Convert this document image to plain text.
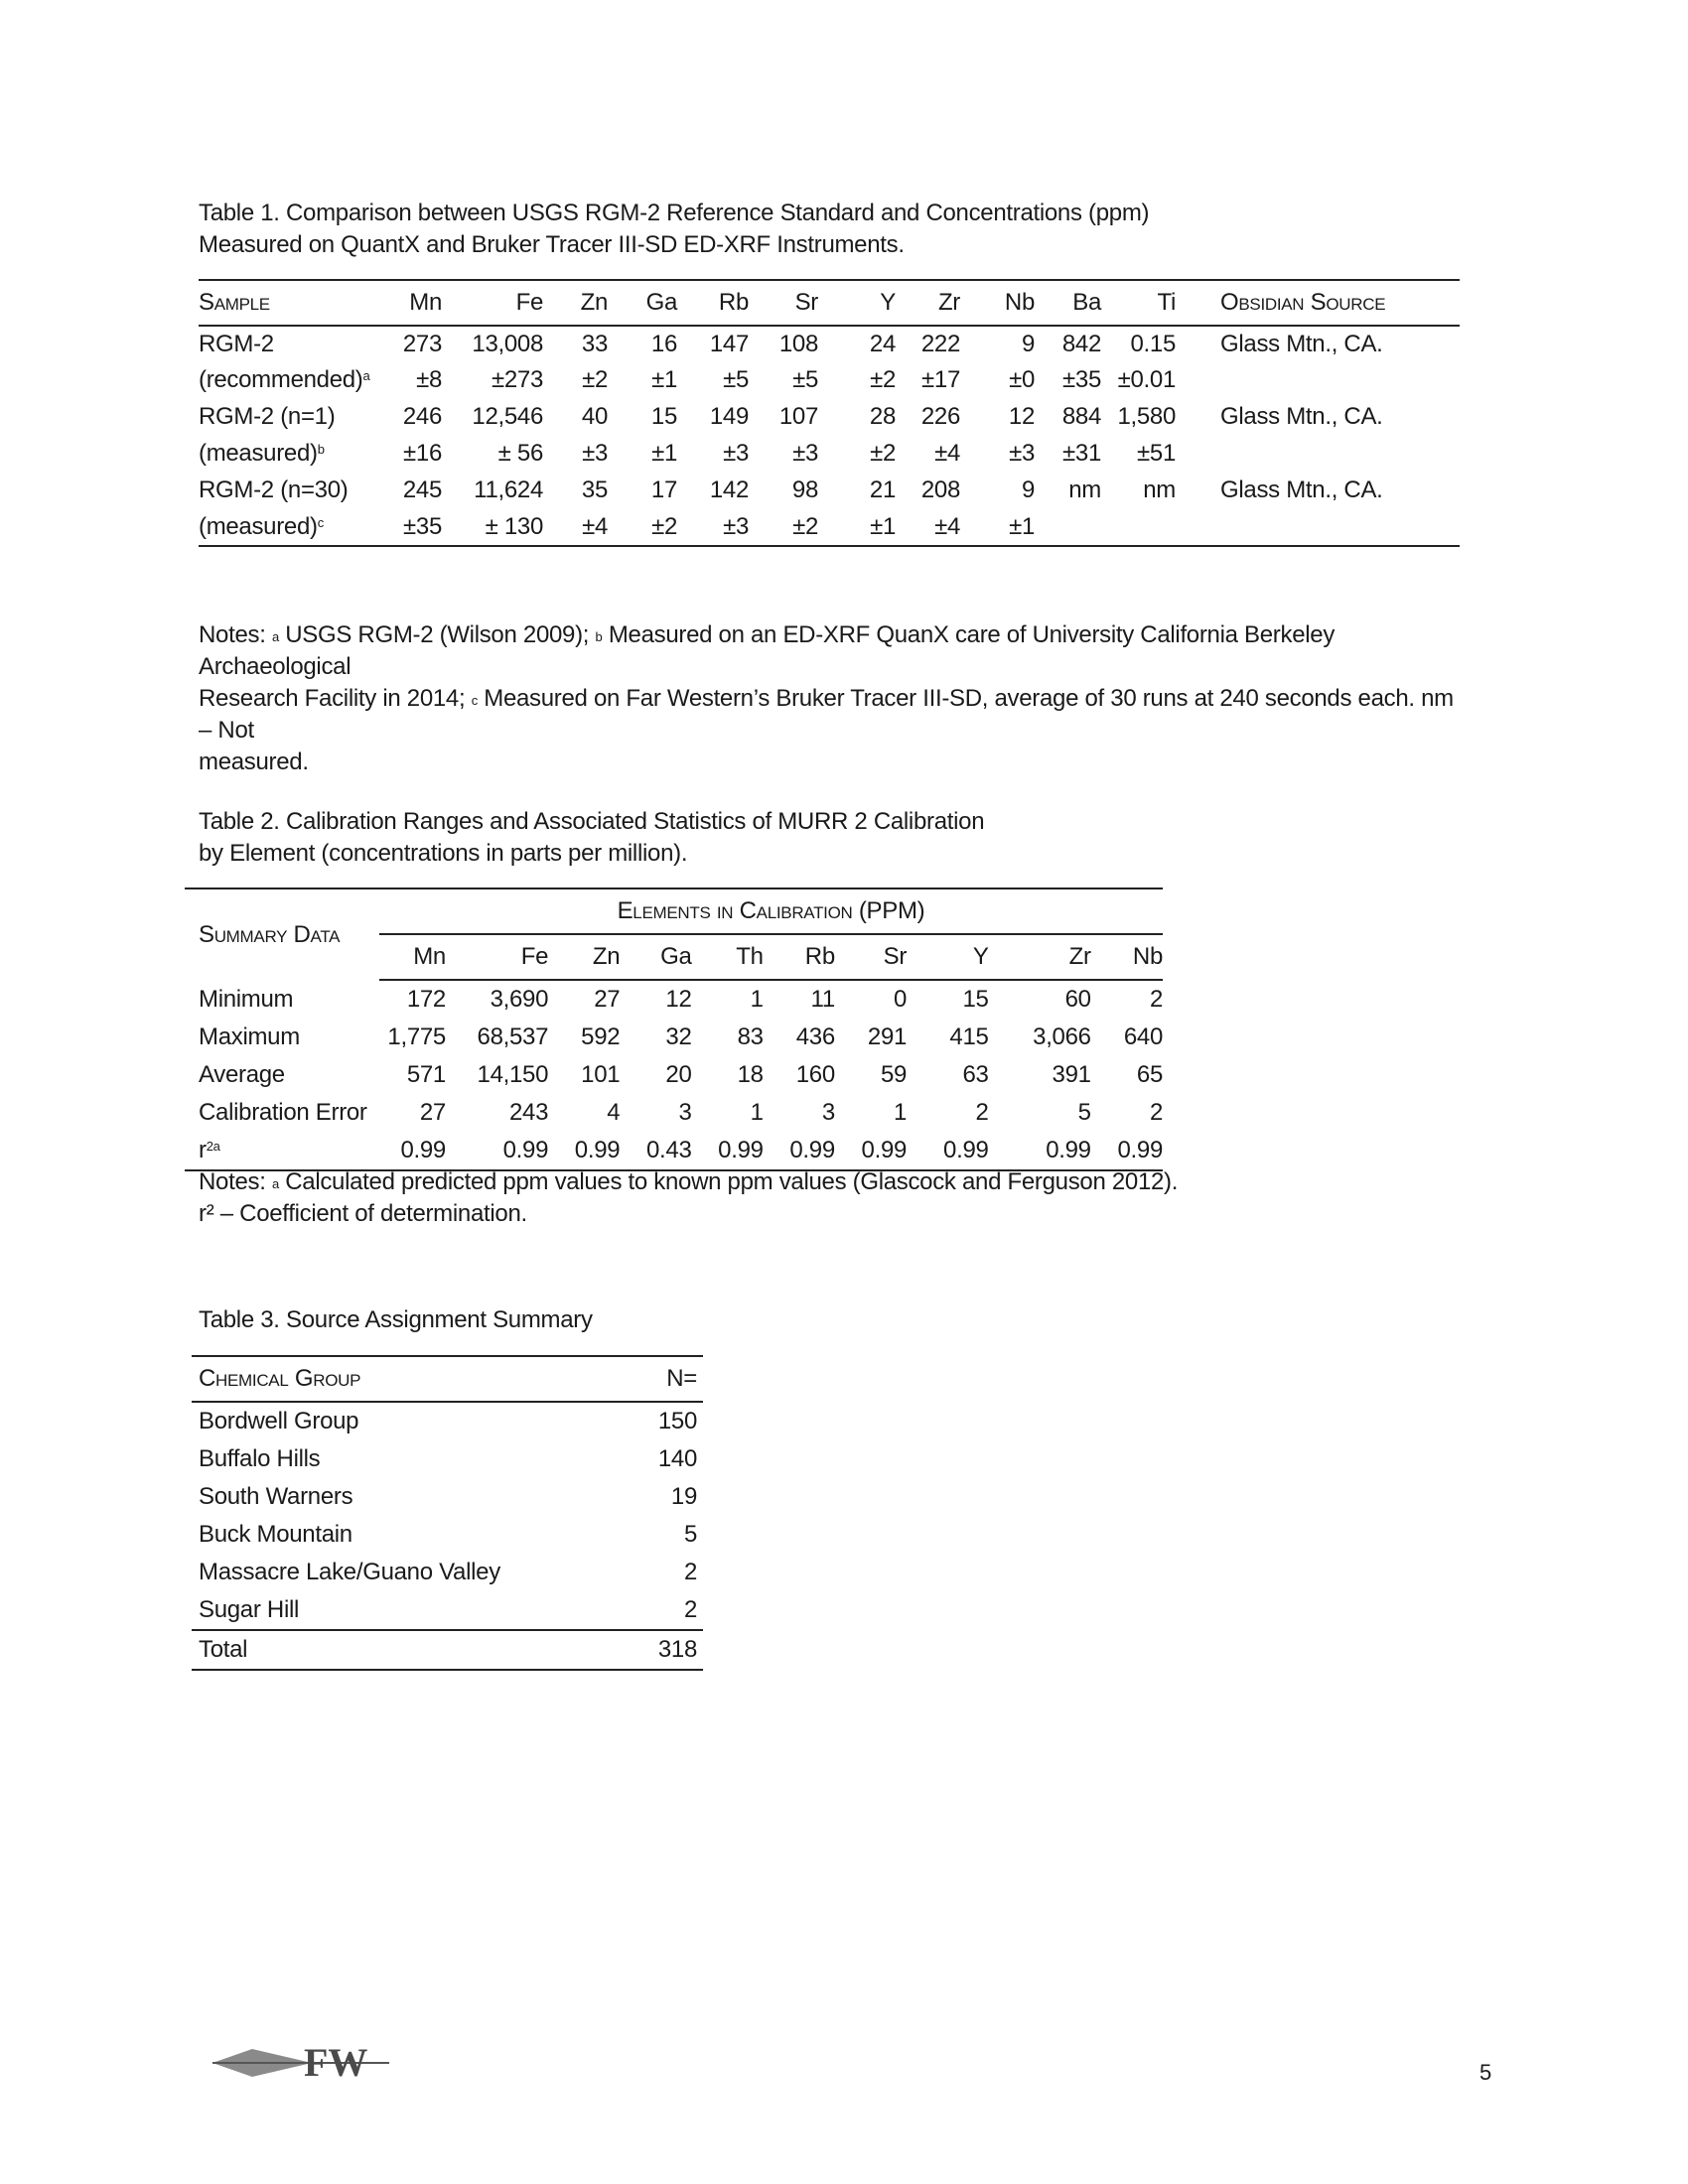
Table 1. Comparison between USGS RGM-2 Reference Standard and Concentrations (ppm)
Measured on QuantX and Bruker Tracer III-SD ED-XRF Instruments.
Sample	Mn	Fe	Zn	Ga	Rb	Sr	Y	Zr	Nb	Ba	Ti	Obsidian Source
RGM-2	273	13,008	33	16	147	108	24	222	9	842	0.15	Glass Mtn., CA.
(recommended)$^a$	±8	±273	±2	±1	±5	±5	±2	±17	±0	±35	±0.01	
RGM-2 (n=1)	246	12,546	40	15	149	107	28	226	12	884	1,580	Glass Mtn., CA.
(measured)$^b$	±16	± 56	±3	±1	±3	±3	±2	±4	±3	±31	±51	
RGM-2 (n=30)	245	11,624	35	17	142	98	21	208	9	nm	nm	Glass Mtn., CA.
(measured)$^c$	±35	± 130	±4	±2	±3	±2	±1	±4	±1			
Notes: $^a$ USGS RGM-2 (Wilson 2009); $^b$ Measured on an ED-XRF QuanX care of University California Berkeley Archaeological
Research Facility in 2014; $^c$ Measured on Far Western’s Bruker Tracer III-SD, average of 30 runs at 240 seconds each. nm – Not
measured.
Table 2. Calibration Ranges and Associated Statistics of MURR 2 Calibration
by Element (concentrations in parts per million).
Summary Data	Elements in Calibration (PPM)									
	Mn	Fe	Zn	Ga	Th	Rb	Sr	Y	Zr	Nb
Minimum	172	3,690	27	12	1	11	0	15	60	2
Maximum	1,775	68,537	592	32	83	436	291	415	3,066	640
Average	571	14,150	101	20	18	160	59	63	391	65
Calibration Error	27	243	4	3	1	3	1	2	5	2
$r^{2a}$	0.99	0.99	0.99	0.43	0.99	0.99	0.99	0.99	0.99	0.99
Notes: $^a$ Calculated predicted ppm values to known ppm values (Glascock and Ferguson 2012).
r² – Coefficient of determination.
Table 3. Source Assignment Summary
Chemical Group	N=
Bordwell Group	150
Buffalo Hills	140
South Warners	19
Buck Mountain	5
Massacre Lake/Guano Valley	2
Sugar Hill	2
Total	318
FW	5
